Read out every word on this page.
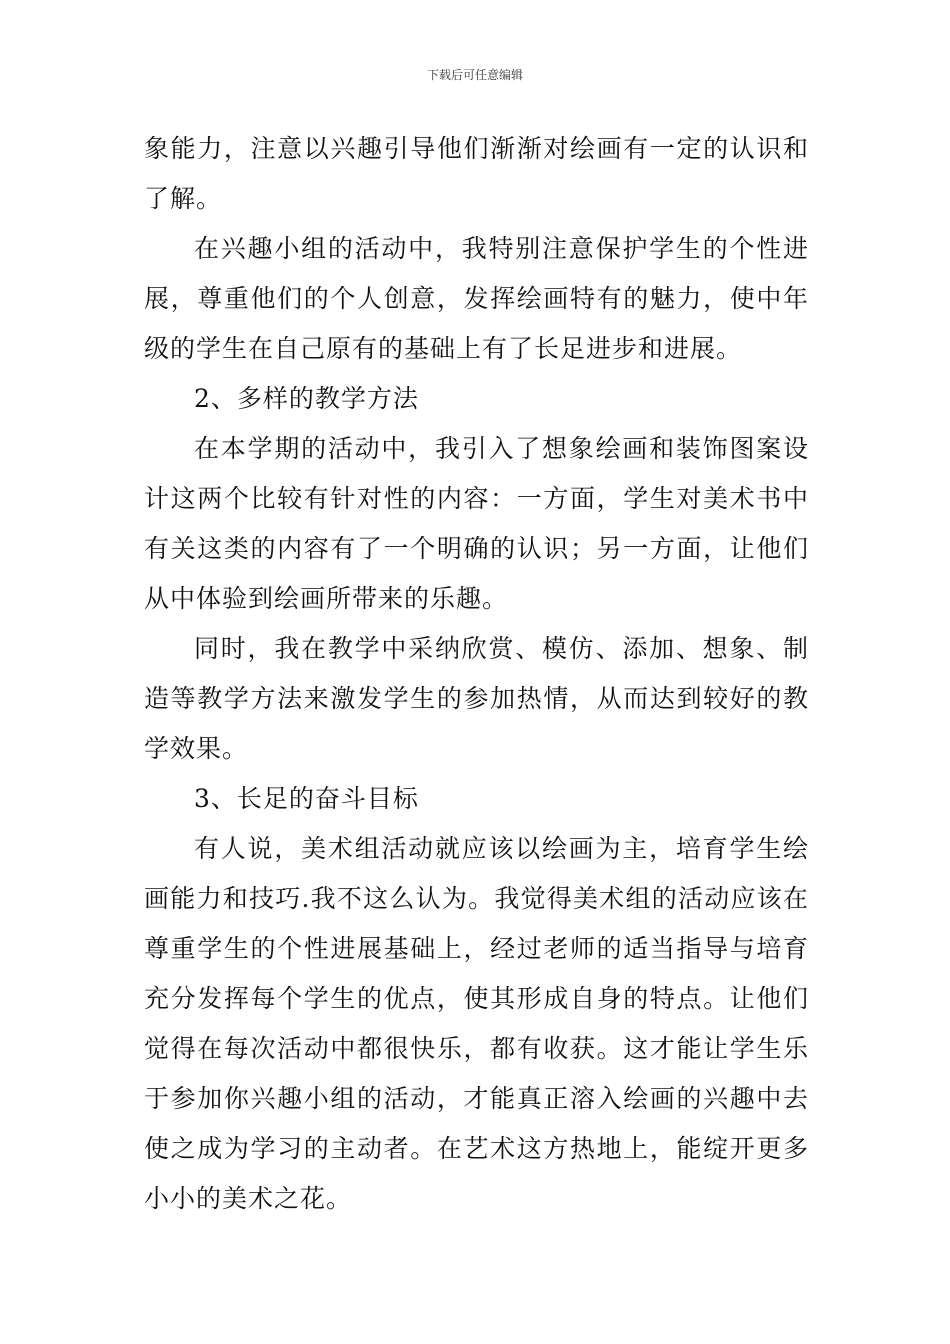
下载后可任意编辑

象能力，注意以兴趣引导他们渐渐对绘画有一定的认识和了解。

在兴趣小组的活动中，我特别注意保护学生的个性进展，尊重他们的个人创意，发挥绘画特有的魅力，使中年级的学生在自己原有的基础上有了长足进步和进展。

2、多样的教学方法

在本学期的活动中，我引入了想象绘画和装饰图案设计这两个比较有针对性的内容：一方面，学生对美术书中有关这类的内容有了一个明确的认识；另一方面，让他们从中体验到绘画所带来的乐趣。

同时，我在教学中采纳欣赏、模仿、添加、想象、制造等教学方法来激发学生的参加热情，从而达到较好的教学效果。

3、长足的奋斗目标

有人说，美术组活动就应该以绘画为主，培育学生绘画能力和技巧.我不这么认为。我觉得美术组的活动应该在尊重学生的个性进展基础上，经过老师的适当指导与培育充分发挥每个学生的优点，使其形成自身的特点。让他们觉得在每次活动中都很快乐，都有收获。这才能让学生乐于参加你兴趣小组的活动，才能真正溶入绘画的兴趣中去使之成为学习的主动者。在艺术这方热地上，能绽开更多小小的美术之花。
